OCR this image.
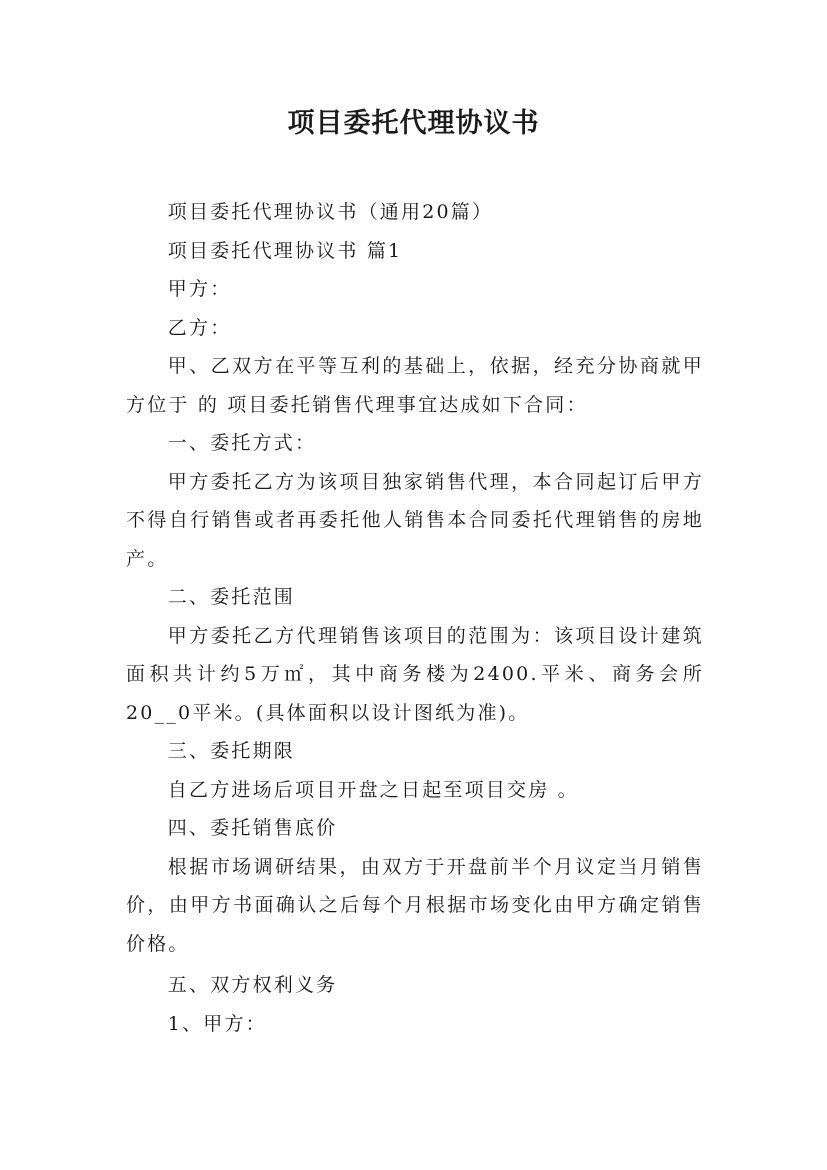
项目委托代理协议书

项目委托代理协议书（通用20篇）

项目委托代理协议书 篇1

甲方：

乙方：

甲、乙双方在平等互利的基础上，依据，经充分协商就甲方位于 的 项目委托销售代理事宜达成如下合同：

一、委托方式：

甲方委托乙方为该项目独家销售代理，本合同起订后甲方不得自行销售或者再委托他人销售本合同委托代理销售的房地产。

二、委托范围

甲方委托乙方代理销售该项目的范围为：该项目设计建筑面积共计约5万㎡，其中商务楼为2400.平米、商务会所20__0平米。(具体面积以设计图纸为准)。

三、委托期限

自乙方进场后项目开盘之日起至项目交房 。

四、委托销售底价

根据市场调研结果，由双方于开盘前半个月议定当月销售价，由甲方书面确认之后每个月根据市场变化由甲方确定销售价格。

五、双方权利义务

1、甲方：
